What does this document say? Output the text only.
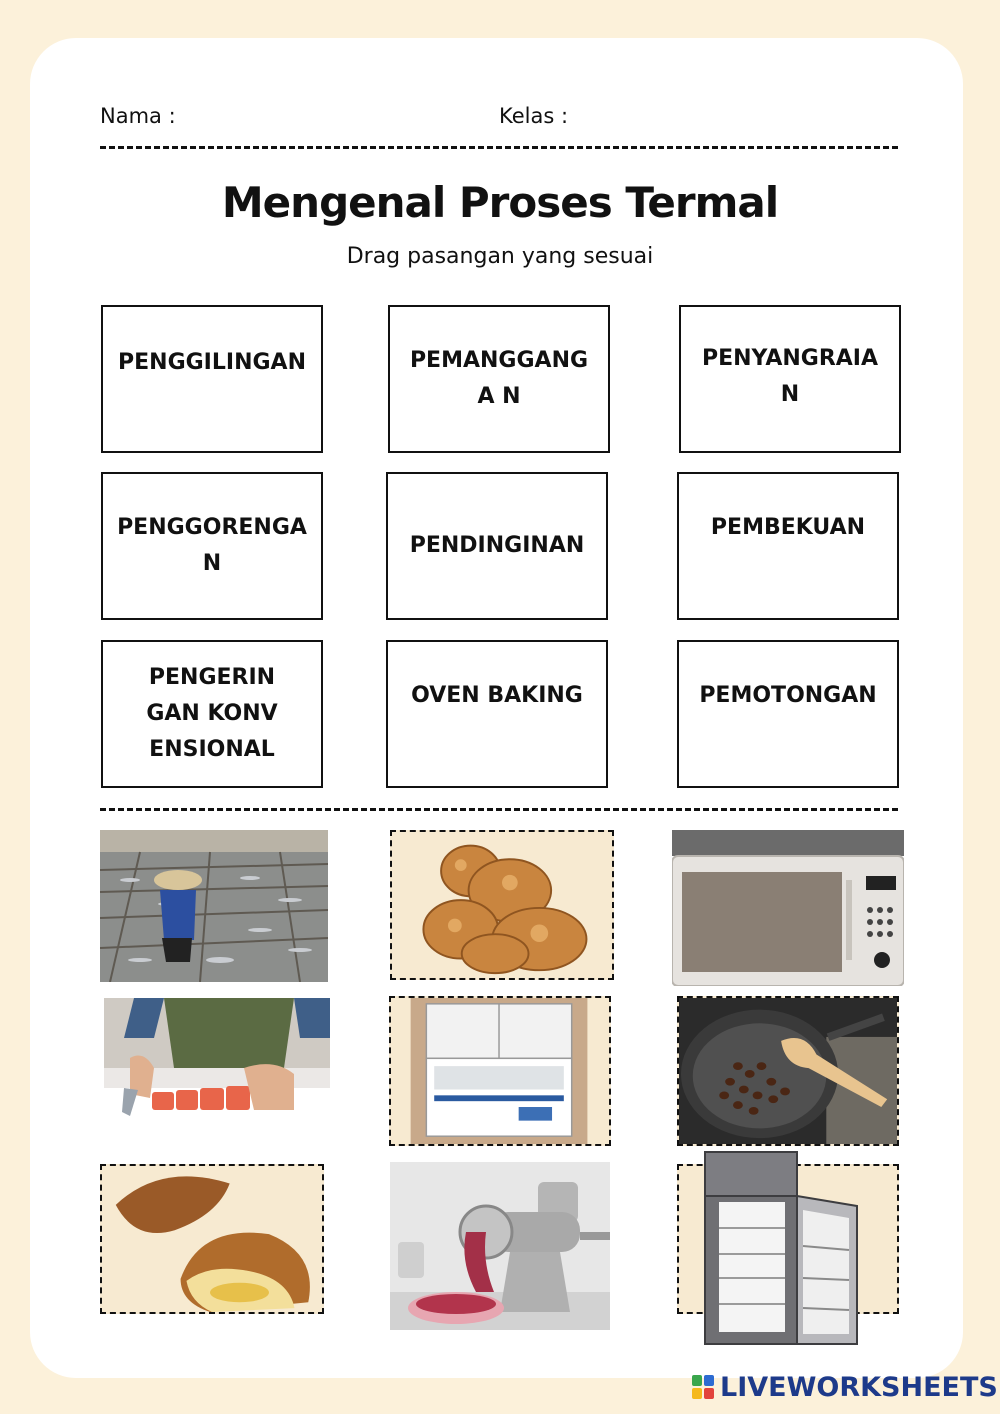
Nama :	Kelas :
Mengenal Proses Termal
Drag pasangan yang sesuai
PENGGILINGAN	PEMANGGANGA N
PENYANGRAIAN
PENGGORENGAN
PENDINGINAN
PEMBEKUAN
PENGERINGAN KONVENSIONAL
OVEN BAKING	PEMOTONGAN
LIVEWORKSHEETS
